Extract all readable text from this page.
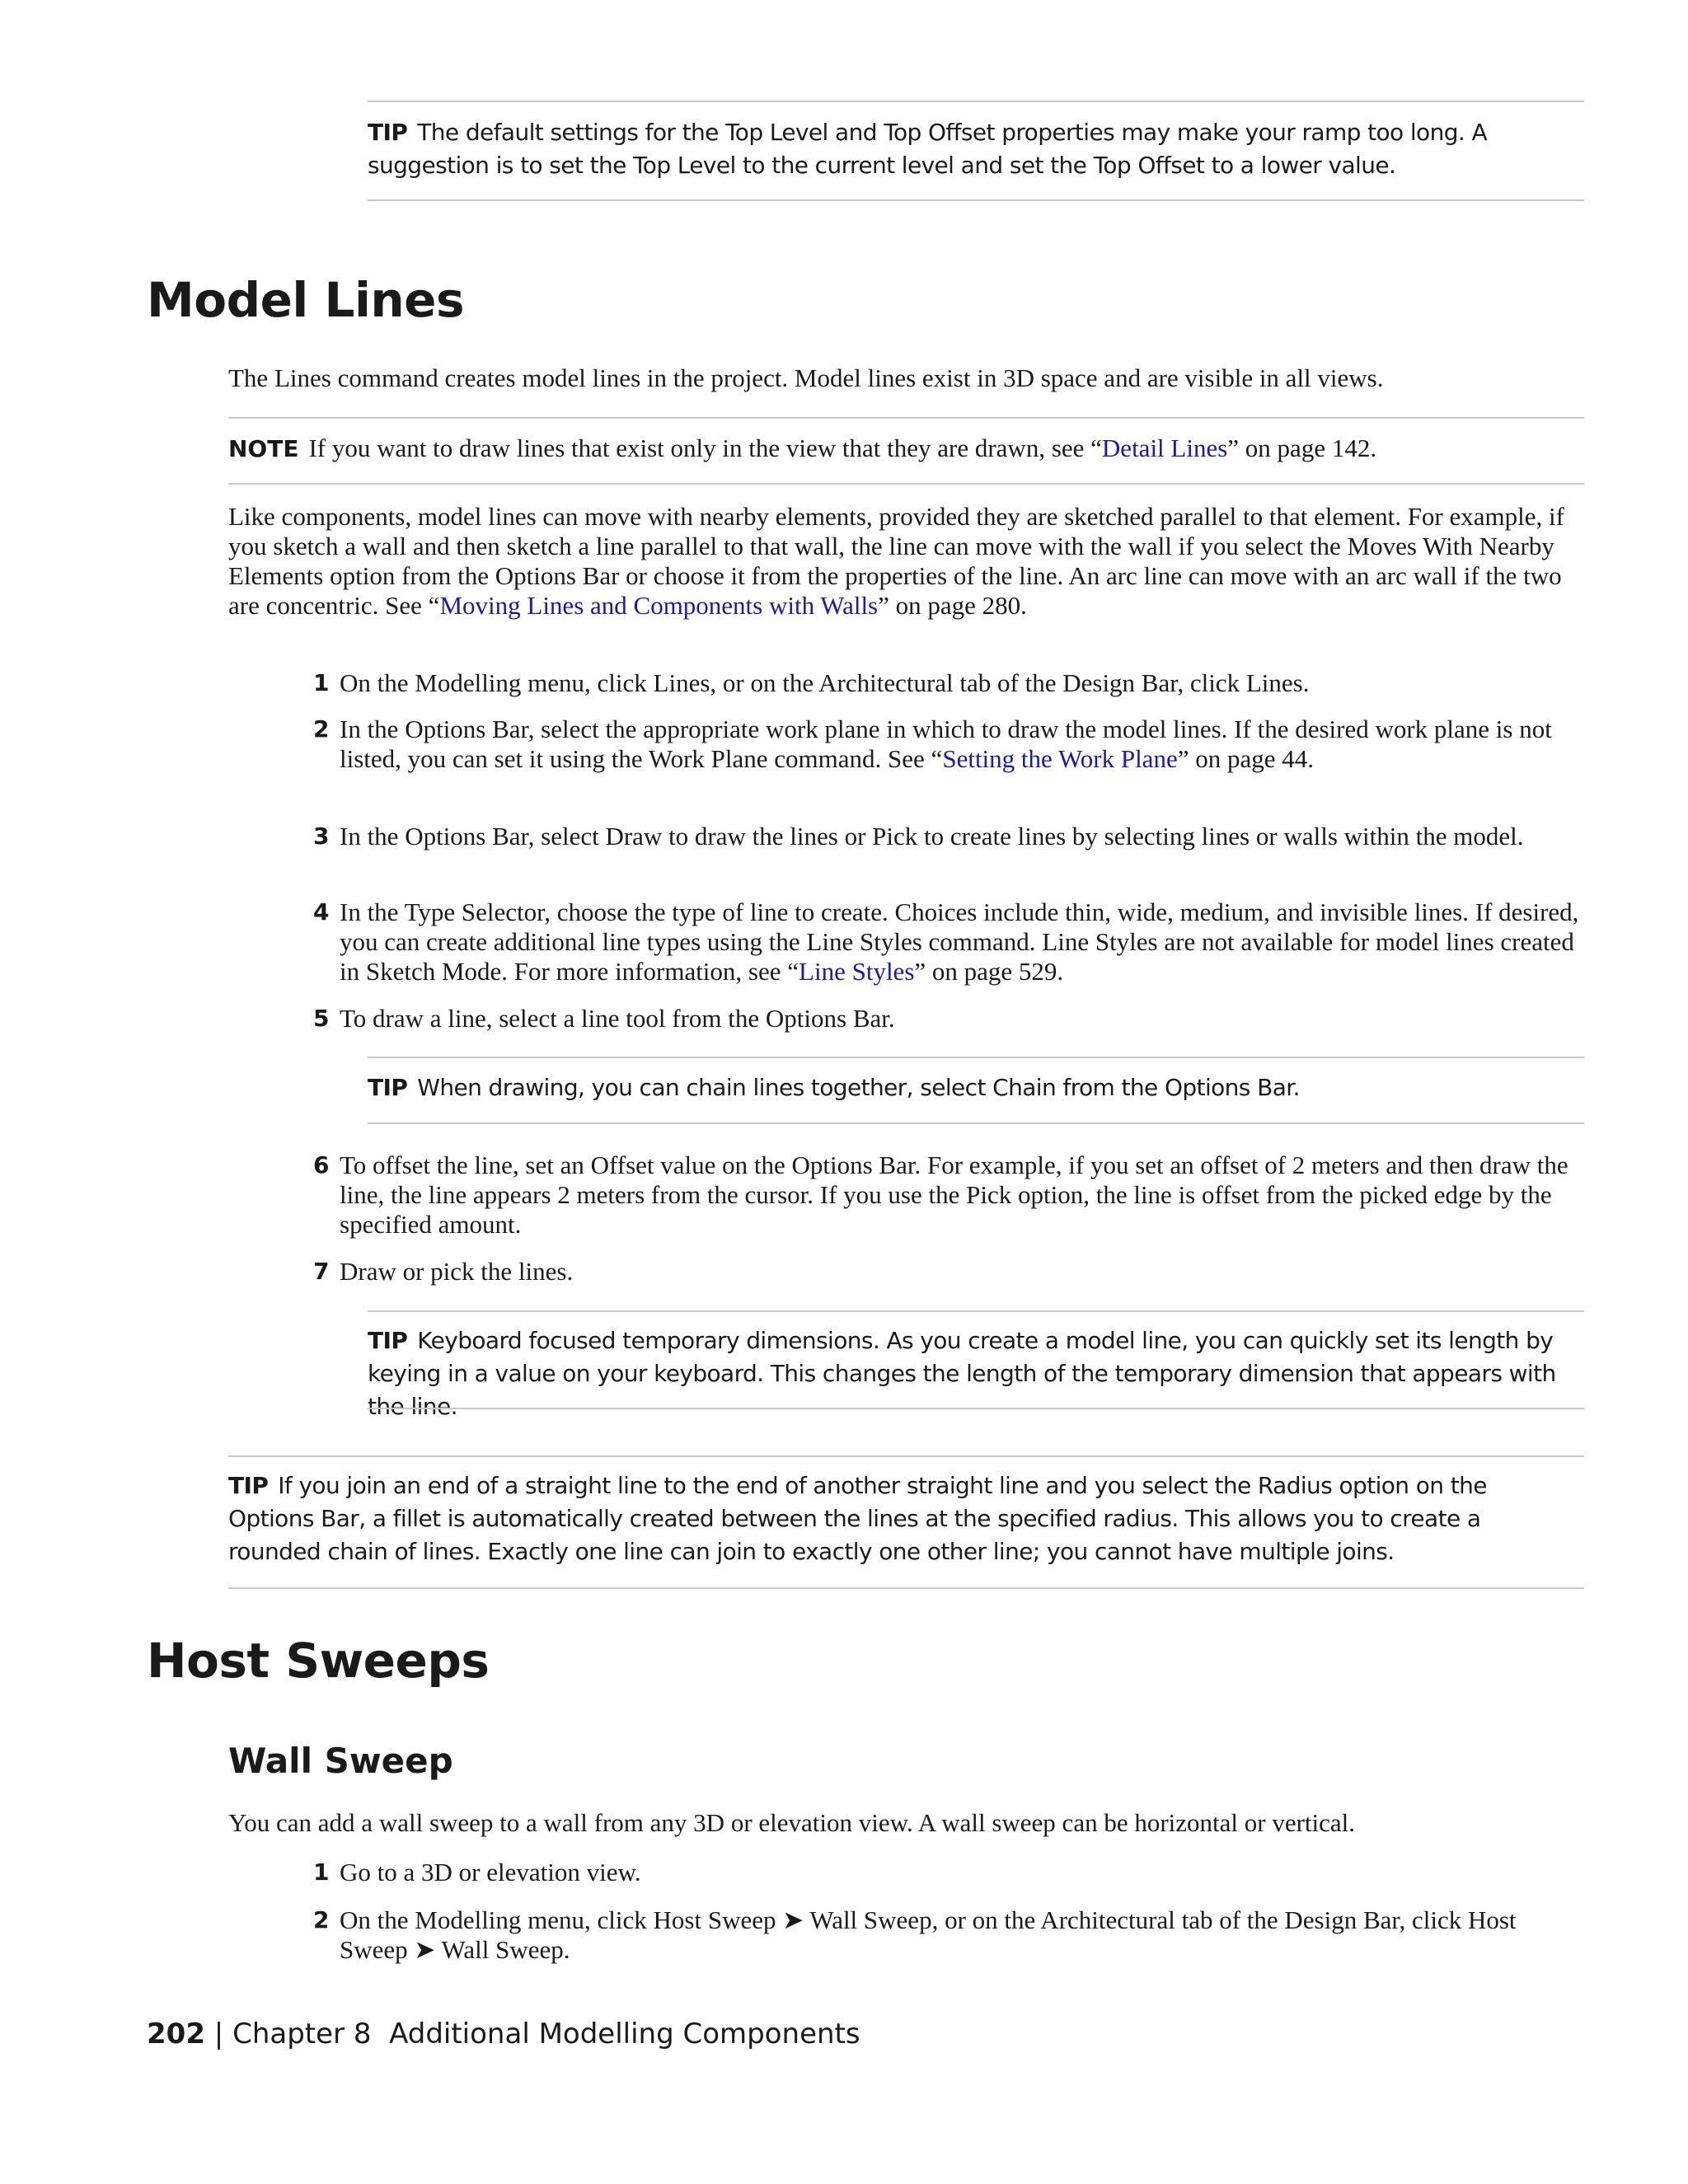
TIP The default settings for the Top Level and Top Offset properties may make your ramp too long. A suggestion is to set the Top Level to the current level and set the Top Offset to a lower value.
Model Lines
The Lines command creates model lines in the project. Model lines exist in 3D space and are visible in all views.
NOTE If you want to draw lines that exist only in the view that they are drawn, see “Detail Lines” on page 142.
Like components, model lines can move with nearby elements, provided they are sketched parallel to that element. For example, if you sketch a wall and then sketch a line parallel to that wall, the line can move with the wall if you select the Moves With Nearby Elements option from the Options Bar or choose it from the properties of the line. An arc line can move with an arc wall if the two are concentric. See “Moving Lines and Components with Walls” on page 280.
1 On the Modelling menu, click Lines, or on the Architectural tab of the Design Bar, click Lines.
2 In the Options Bar, select the appropriate work plane in which to draw the model lines. If the desired work plane is not listed, you can set it using the Work Plane command. See “Setting the Work Plane” on page 44.
3 In the Options Bar, select Draw to draw the lines or Pick to create lines by selecting lines or walls within the model.
4 In the Type Selector, choose the type of line to create. Choices include thin, wide, medium, and invisible lines. If desired, you can create additional line types using the Line Styles command. Line Styles are not available for model lines created in Sketch Mode. For more information, see “Line Styles” on page 529.
5 To draw a line, select a line tool from the Options Bar.
TIP When drawing, you can chain lines together, select Chain from the Options Bar.
6 To offset the line, set an Offset value on the Options Bar. For example, if you set an offset of 2 meters and then draw the line, the line appears 2 meters from the cursor. If you use the Pick option, the line is offset from the picked edge by the specified amount.
7 Draw or pick the lines.
TIP Keyboard focused temporary dimensions. As you create a model line, you can quickly set its length by keying in a value on your keyboard. This changes the length of the temporary dimension that appears with the line.
TIP If you join an end of a straight line to the end of another straight line and you select the Radius option on the Options Bar, a fillet is automatically created between the lines at the specified radius. This allows you to create a rounded chain of lines. Exactly one line can join to exactly one other line; you cannot have multiple joins.
Host Sweeps
Wall Sweep
You can add a wall sweep to a wall from any 3D or elevation view. A wall sweep can be horizontal or vertical.
1 Go to a 3D or elevation view.
2 On the Modelling menu, click Host Sweep ➤ Wall Sweep, or on the Architectural tab of the Design Bar, click Host Sweep ➤ Wall Sweep.
202 | Chapter 8 Additional Modelling Components
